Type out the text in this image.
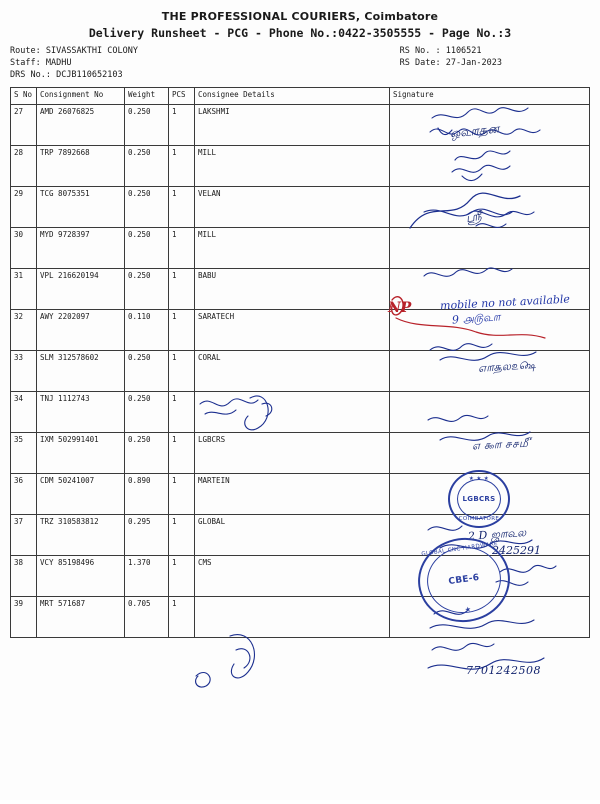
THE PROFESSIONAL COURIERS, Coimbatore
Delivery Runsheet - PCG - Phone No.:0422-3505555 - Page No.:3
Route: SIVASSAKTHI COLONY
Staff: MADHU
DRS No.: DCJB110652103
RS No. : 1106521
RS Date: 27-Jan-2023
S No	Consignment No	Weight	PCS	Consignee Details	Signature
27	AMD 26076825	0.250	1	LAKSHMI	
28	TRP 7892668	0.250	1	MILL	
29	TCG 8075351	0.250	1	VELAN	
30	MYD 9728397	0.250	1	MILL	
31	VPL 216620194	0.250	1	BABU	
32	AWY 2202097	0.110	1	SARATECH	
33	SLM 312578602	0.250	1	CORAL	
34	TNJ 1112743	0.250	1		
35	IXM 502991401	0.250	1	LGBCRS	
36	CDM 50241007	0.890	1	MARTEIN	
37	TRZ 310583812	0.295	1	GLOBAL	
38	VCY 85198496	1.370	1	CMS	
39	MRT 571687	0.705	1		
ஒ௳௱௲ன
ஸ்ரீ
mobile no not available
NP
9 ௮௫௳௱
௭௱௲ல௨௸
௭ ௯௱ ௪௪௴
2 D ஜ௱௳ல
2425291
7701242508
★ ★ ★
LGBCRS
COIMBATORE
GLOBAL CNC HARDWARE
CBE-6
★
